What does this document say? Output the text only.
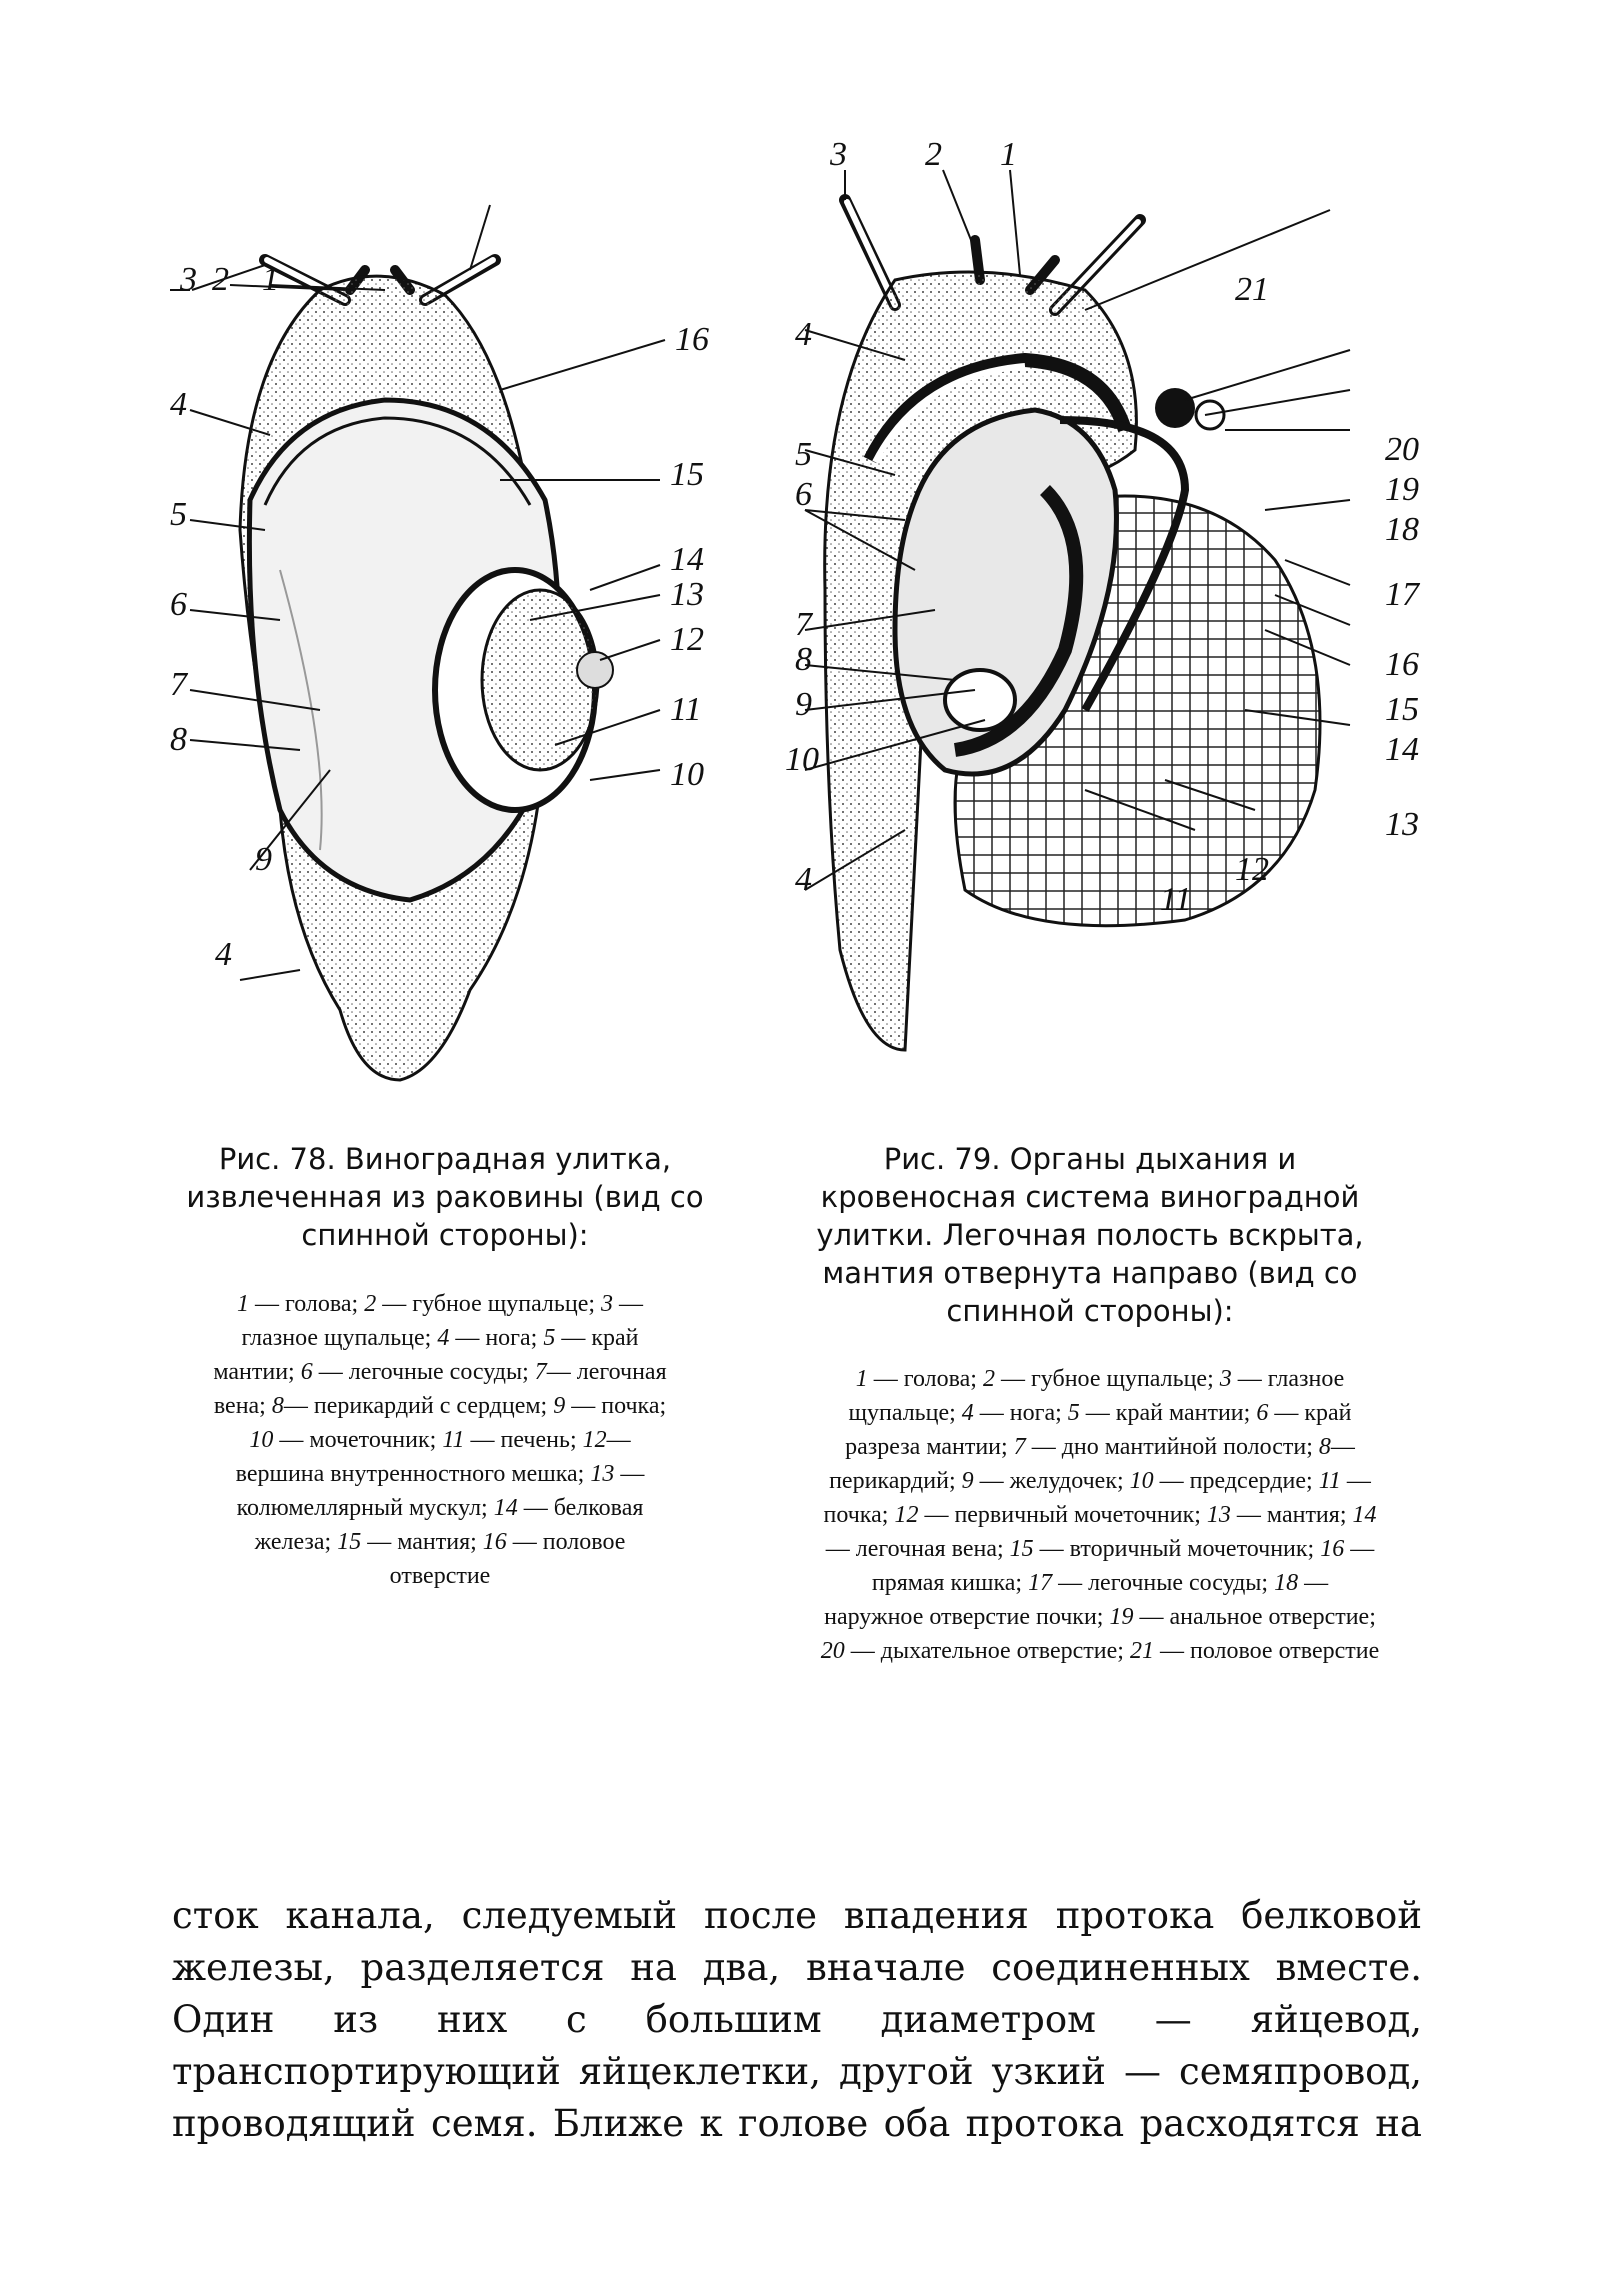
3 2 1
16
4
15
5
14
6	13
12
7
8
11
10
9
4
3 2 1
21
4
20
5
19
6
18
17
7
16
8
9	15
14
10
13
4	12
11
Рис. 78. Виноградная улитка, извлеченная из раковины (вид со спинной стороны):
Рис. 79. Органы дыхания и кровеносная система виноградной улитки. Легочная полость вскрыта, мантия отвернута направо (вид со спинной стороны):
1 — голова; 2 — губное щупальце; 3 — глазное щупальце; 4 — нога; 5 — край мантии; 6 — легочные сосуды; 7— легочная вена; 8— перикардий с сердцем; 9 — почка; 10 — мочеточник; 11 — печень; 12— вершина внутренностного мешка; 13 — колюмеллярный мускул; 14 — белковая железа; 15 — мантия; 16 — половое отверстие
1 — голова; 2 — губное щупальце; 3 — глазное щупальце; 4 — нога; 5 — край мантии; 6 — край разреза мантии; 7 — дно мантийной полости; 8— перикардий; 9 — желудочек; 10 — предсердие; 11 — почка; 12 — первичный мочеточник; 13 — мантия; 14 — легочная вена; 15 — вторичный мочеточник; 16 — прямая кишка; 17 — легочные сосуды; 18 — наружное отверстие почки; 19 — анальное отверстие; 20 — дыхательное отверстие; 21 — половое отверстие

сток канала, следуемый после впадения протока белковой железы, разделяется на два, вначале соединенных вместе. Один из них с большим диаметром — яйцевод, транспортирующий яйцеклетки, другой узкий — семяпровод, проводящий семя. Ближе к голове оба протока расходятся на
